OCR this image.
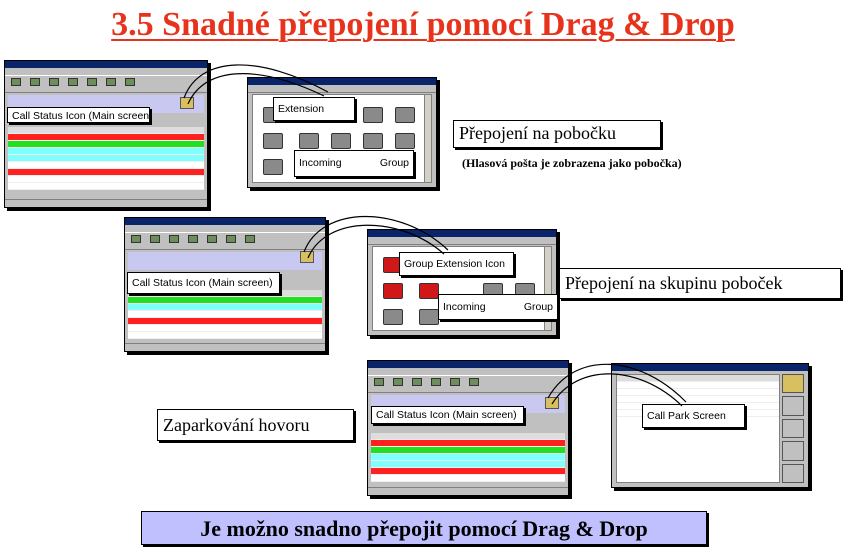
3.5 Snadné přepojení pomocí Drag & Drop
Call Status Icon (Main screen)
Extension
Incoming	Group
Přepojení na pobočku
(Hlasová pošta je zobrazena jako pobočka)
Call Status Icon (Main screen)
Group Extension Icon
Incoming	Group
Přepojení na skupinu poboček
Call Status Icon (Main screen)	Call Park Screen
Zaparkování hovoru
Je možno snadno přepojit pomocí Drag & Drop
